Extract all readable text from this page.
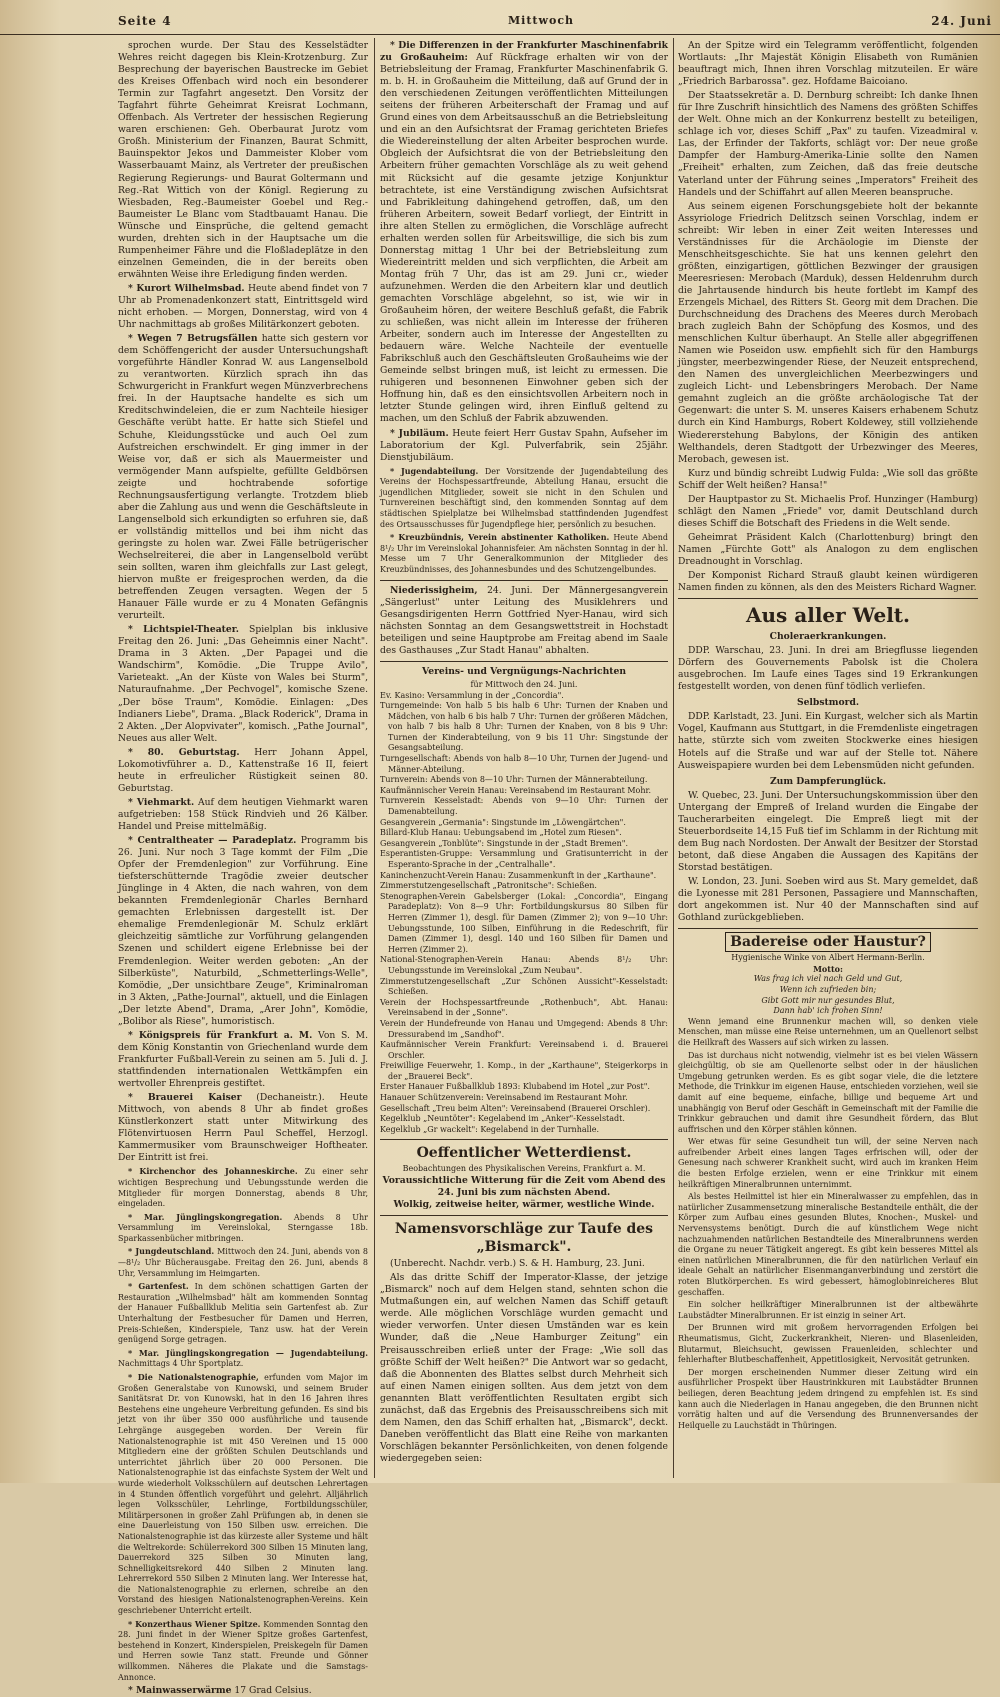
Seite 4	Mittwoch	24. Juni

sprochen wurde. Der Stau des Kesselstädter Wehres reicht dagegen bis Klein-Krotzenburg. Zur Besprechung der bayerischen Baustrecke im Gebiet des Kreises Offenbach wird noch ein besonderer Termin zur Tagfahrt angesetzt. Den Vorsitz der Tagfahrt führte Geheimrat Kreisrat Lochmann, Offenbach. Als Vertreter der hessischen Regierung waren erschienen: Geh. Oberbaurat Jurotz vom Großh. Ministerium der Finanzen, Baurat Schmitt, Bauinspektor Jekos und Dammeister Klober vom Wasserbauamt Mainz, als Vertreter der preußischen Regierung Regierungs- und Baurat Goltermann und Reg.-Rat Wittich von der Königl. Regierung zu Wiesbaden, Reg.-Baumeister Goebel und Reg.-Baumeister Le Blanc vom Stadtbauamt Hanau. Die Wünsche und Einsprüche, die geltend gemacht wurden, drehten sich in der Hauptsache um die Rumpenheimer Fähre und die Floßladeplätze in den einzelnen Gemeinden, die in der bereits oben erwähnten Weise ihre Erledigung finden werden.

* Kurort Wilhelmsbad. Heute abend findet von 7 Uhr ab Promenadenkonzert statt, Eintrittsgeld wird nicht erhoben. — Morgen, Donnerstag, wird von 4 Uhr nachmittags ab großes Militärkonzert geboten.

* Wegen 7 Betrugsfällen hatte sich gestern vor dem Schöffengericht der ausder Untersuchungshaft vorgeführte Händler Konrad W. aus Langenselbold zu verantworten. Kürzlich sprach ihn das Schwurgericht in Frankfurt wegen Münzverbrechens frei. In der Hauptsache handelte es sich um Kreditschwindeleien, die er zum Nachteile hiesiger Geschäfte verübt hatte. Er hatte sich Stiefel und Schuhe, Kleidungsstücke und auch Oel zum Aufstreichen erschwindelt. Er ging immer in der Weise vor, daß er sich als Mauermeister und vermögender Mann aufspielte, gefüllte Geldbörsen zeigte und hochtrabende sofortige Rechnungsausfertigung verlangte. Trotzdem blieb aber die Zahlung aus und wenn die Geschäftsleute in Langenselbold sich erkundigten so erfuhren sie, daß er vollständig mittellos und bei ihm nicht das geringste zu holen war. Zwei Fälle betrügerischer Wechselreiterei, die aber in Langenselbold verübt sein sollten, waren ihm gleichfalls zur Last gelegt, hiervon mußte er freigesprochen werden, da die betreffenden Zeugen versagten. Wegen der 5 Hanauer Fälle wurde er zu 4 Monaten Gefängnis verurteilt.

* Lichtspiel-Theater. Spielplan bis inklusive Freitag den 26. Juni: „Das Geheimnis einer Nacht". Drama in 3 Akten. „Der Papagei und die Wandschirm", Komödie. „Die Truppe Avilo", Varieteakt. „An der Küste von Wales bei Sturm", Naturaufnahme. „Der Pechvogel", komische Szene. „Der böse Traum", Komödie. Einlagen: „Des Indianers Liebe", Drama. „Black Roderick", Drama in 2 Akten. „Der Alopvivater", komisch. „Pathe Journal", Neues aus aller Welt.

* 80. Geburtstag. Herr Johann Appel, Lokomotivführer a. D., Kattenstraße 16 II, feiert heute in erfreulicher Rüstigkeit seinen 80. Geburtstag.

* Viehmarkt. Auf dem heutigen Viehmarkt waren aufgetrieben: 158 Stück Rindvieh und 26 Kälber. Handel und Preise mittelmäßig.

* Centraltheater — Paradeplatz. Programm bis 26. Juni. Nur noch 3 Tage kommt der Film „Die Opfer der Fremdenlegion" zur Vorführung. Eine tiefsterschütternde Tragödie zweier deutscher Jünglinge in 4 Akten, die nach wahren, von dem bekannten Fremdenlegionär Charles Bernhard gemachten Erlebnissen dargestellt ist. Der ehemalige Fremdenlegionär M. Schulz erklärt gleichzeitig sämtliche zur Vorführung gelangenden Szenen und schildert eigene Erlebnisse bei der Fremdenlegion. Weiter werden geboten: „An der Silberküste", Naturbild, „Schmetterlings-Welle", Komödie, „Der unsichtbare Zeuge", Kriminalroman in 3 Akten, „Pathe-Journal", aktuell, und die Einlagen „Der letzte Abend", Drama, „Arer John", Komödie, „Bolibor als Riese", humoristisch.

* Königspreis für Frankfurt a. M. Von S. M. dem König Konstantin von Griechenland wurde dem Frankfurter Fußball-Verein zu seinen am 5. Juli d. J. stattfindenden internationalen Wettkämpfen ein wertvoller Ehrenpreis gestiftet.

* Brauerei Kaiser (Dechaneistr.). Heute Mittwoch, von abends 8 Uhr ab findet großes Künstlerkonzert statt unter Mitwirkung des Flötenvirtuosen Herrn Paul Scheffel, Herzogl. Kammermusiker vom Braunschweiger Hoftheater. Der Eintritt ist frei.

* Kirchenchor des Johanneskirche. Zu einer sehr wichtigen Besprechung und Uebungsstunde werden die Mitglieder für morgen Donnerstag, abends 8 Uhr, eingeladen.

* Mar. Jünglingskongregation. Abends 8 Uhr Versammlung im Vereinslokal, Sterngasse 18b. Sparkassenbücher mitbringen.

* Jungdeutschland. Mittwoch den 24. Juni, abends von 8—8¹/₂ Uhr Bücherausgabe. Freitag den 26. Juni, abends 8 Uhr, Versammlung im Heimgarten.

* Gartenfest. In dem schönen schattigen Garten der Restauration „Wilhelmsbad" hält am kommenden Sonntag der Hanauer Fußballklub Melitia sein Gartenfest ab. Zur Unterhaltung der Festbesucher für Damen und Herren, Preis-Schießen, Kinderspiele, Tanz usw. hat der Verein genügend Sorge getragen.

* Mar. Jünglingskongregation — Jugendabteilung. Nachmittags 4 Uhr Sportplatz.

* Die Nationalstenographie, erfunden vom Major im Großen Generalstabe von Kunowski, und seinem Bruder Sanitätsrat Dr. von Kunowski, hat in den 16 Jahren ihres Bestehens eine ungeheure Verbreitung gefunden. Es sind bis jetzt von ihr über 350 000 ausführliche und tausende Lehrgänge ausgegeben worden. Der Verein für Nationalstenographie ist mit 450 Vereinen und 15 000 Mitgliedern eine der größten Schulen Deutschlands und unterrichtet jährlich über 20 000 Personen. Die Nationalstenographie ist das einfachste System der Welt und wurde wiederholt Volksschülern auf deutschen Lehrertagen in 4 Stunden öffentlich vorgeführt und gelehrt. Alljährlich legen Volksschüler, Lehrlinge, Fortbildungsschüler, Militärpersonen in großer Zahl Prüfungen ab, in denen sie eine Dauerleistung von 150 Silben usw. erreichen. Die Nationalstenographie ist das kürzeste aller Systeme und hält die Weltrekorde: Schülerrekord 300 Silben 15 Minuten lang, Dauerrekord 325 Silben 30 Minuten lang, Schnelligkeitsrekord 440 Silben 2 Minuten lang. Lehrerrekord 550 Silben 2 Minuten lang. Wer Interesse hat, die Nationalstenographie zu erlernen, schreibe an den Vorstand des hiesigen Nationalstenographen-Vereins. Kein geschriebener Unterricht erteilt.

* Konzerthaus Wiener Spitze. Kommenden Sonntag den 28. Juni findet in der Wiener Spitze großes Gartenfest, bestehend in Konzert, Kinderspielen, Preiskegeln für Damen und Herren sowie Tanz statt. Freunde und Gönner willkommen. Näheres die Plakate und die Samstags-Annonce.

* Mainwasserwärme 17 Grad Celsius.

* Die Differenzen in der Frankfurter Maschinenfabrik zu Großauheim: Auf Rückfrage erhalten wir von der Betriebsleitung der Framag, Frankfurter Maschinenfabrik G. m. b. H. in Großauheim die Mitteilung, daß auf Grund der in den verschiedenen Zeitungen veröffentlichten Mitteilungen seitens der früheren Arbeiterschaft der Framag und auf Grund eines von dem Arbeitsausschuß an die Betriebsleitung und ein an den Aufsichtsrat der Framag gerichteten Briefes die Wiedereinstellung der alten Arbeiter besprochen wurde. Obgleich der Aufsichtsrat die von der Betriebsleitung den Arbeitern früher gemachten Vorschläge als zu weit gehend mit Rücksicht auf die gesamte jetzige Konjunktur betrachtete, ist eine Verständigung zwischen Aufsichtsrat und Fabrikleitung dahingehend getroffen, daß, um den früheren Arbeitern, soweit Bedarf vorliegt, der Eintritt in ihre alten Stellen zu ermöglichen, die Vorschläge aufrecht erhalten werden sollen für Arbeitswillige, die sich bis zum Donnerstag mittag 1 Uhr bei der Betriebsleitung zum Wiedereintritt melden und sich verpflichten, die Arbeit am Montag früh 7 Uhr, das ist am 29. Juni cr., wieder aufzunehmen. Werden die den Arbeitern klar und deutlich gemachten Vorschläge abgelehnt, so ist, wie wir in Großauheim hören, der weitere Beschluß gefaßt, die Fabrik zu schließen, was nicht allein im Interesse der früheren Arbeiter, sondern auch im Interesse der Angestellten zu bedauern wäre. Welche Nachteile der eventuelle Fabrikschluß auch den Geschäftsleuten Großauheims wie der Gemeinde selbst bringen muß, ist leicht zu ermessen. Die ruhigeren und besonnenen Einwohner geben sich der Hoffnung hin, daß es den einsichtsvollen Arbeitern noch in letzter Stunde gelingen wird, ihren Einfluß geltend zu machen, um den Schluß der Fabrik abzuwenden.

* Jubiläum. Heute feiert Herr Gustav Spahn, Aufseher im Laboratorium der Kgl. Pulverfabrik, sein 25jähr. Dienstjubiläum.

* Jugendabteilung. Der Vorsitzende der Jugendabteilung des Vereins der Hochspessartfreunde, Abteilung Hanau, ersucht die jugendlichen Mitglieder, soweit sie nicht in den Schulen und Turnvereinen beschäftigt sind, den kommenden Sonntag auf dem städtischen Spielplatze bei Wilhelmsbad stattfindenden Jugendfest des Ortsausschusses für Jugendpflege hier, persönlich zu besuchen.

* Kreuzbündnis, Verein abstinenter Katholiken. Heute Abend 8¹/₂ Uhr im Vereinslokal Johannisfeier. Am nächsten Sonntag in der hl. Messe um 7 Uhr Generalkommunion der Mitglieder des Kreuzbündnisses, des Johannesbundes und des Schutzengelbundes.

Niederissigheim, 24. Juni. Der Männergesangverein „Sängerlust" unter Leitung des Musiklehrers und Gesangsdirigenten Herrn Gottfried Nyer-Hanau, wird sich nächsten Sonntag an dem Gesangswettstreit in Hochstadt beteiligen und seine Hauptprobe am Freitag abend im Saale des Gasthauses „Zur Stadt Hanau" abhalten.

Vereins- und Vergnügungs-Nachrichten
für Mittwoch den 24. Juni.

Ev. Kasino: Versammlung in der „Concordia".

Turngemeinde: Von halb 5 bis halb 6 Uhr: Turnen der Knaben und Mädchen, von halb 6 bis halb 7 Uhr: Turnen der größeren Mädchen, von halb 7 bis halb 8 Uhr: Turnen der Knaben, von 8 bis 9 Uhr: Turnen der Kinderabteilung, von 9 bis 11 Uhr: Singstunde der Gesangsabteilung.

Turngesellschaft: Abends von halb 8—10 Uhr, Turnen der Jugend- und Männer-Abteilung.

Turnverein: Abends von 8—10 Uhr: Turnen der Männerabteilung.

Kaufmännischer Verein Hanau: Vereinsabend im Restaurant Mohr.

Turnverein Kesselstadt: Abends von 9—10 Uhr: Turnen der Damenabteilung.

Gesangverein „Germania": Singstunde im „Löwengärtchen".

Billard-Klub Hanau: Uebungsabend im „Hotel zum Riesen".

Gesangverein „Tonblüte": Singstunde in der „Stadt Bremen".

Esperantisten-Gruppe: Versammlung und Gratisunterricht in der Esperanto-Sprache in der „Centralhalle".

Kaninchenzucht-Verein Hanau: Zusammenkunft in der „Karthaune".

Zimmerstutzengesellschaft „Patronitsche": Schießen.

Stenographen-Verein Gabelsberger (Lokal: „Concordia", Eingang Paradeplatz): Von 8—9 Uhr: Fortbildungskursus 80 Silben für Herren (Zimmer 1), desgl. für Damen (Zimmer 2); von 9—10 Uhr: Uebungsstunde, 100 Silben, Einführung in die Redeschrift, für Damen (Zimmer 1), desgl. 140 und 160 Silben für Damen und Herren (Zimmer 2).

National-Stenographen-Verein Hanau: Abends 8¹/₂ Uhr: Uebungsstunde im Vereinslokal „Zum Neubau".

Zimmerstutzengesellschaft „Zur Schönen Aussicht"-Kesselstadt: Schießen.

Verein der Hochspessartfreunde „Rothenbuch", Abt. Hanau: Vereinsabend in der „Sonne".

Verein der Hundefreunde von Hanau und Umgegend: Abends 8 Uhr: Dressurabend im „Sandhof".

Kaufmännischer Verein Frankfurt: Vereinsabend i. d. Brauerei Orschler.

Freiwillige Feuerwehr, 1. Komp., in der „Karthaune", Steigerkorps in der „Brauerei Beck".

Erster Hanauer Fußballklub 1893: Klubabend im Hotel „zur Post".

Hanauer Schützenverein: Vereinsabend im Restaurant Mohr.

Gesellschaft „Treu beim Alten": Vereinsabend (Brauerei Orschler).

Kegelklub „Neuntöter": Kegelabend im „Anker"-Kesselstadt.

Kegelklub „Gr wackelt": Kegelabend in der Turnhalle.

Oeffentlicher Wetterdienst.
Beobachtungen des Physikalischen Vereins, Frankfurt a. M.
Voraussichtliche Witterung für die Zeit vom Abend des 24. Juni bis zum nächsten Abend.
Wolkig, zeitweise heiter, wärmer, westliche Winde.
Namensvorschläge zur Taufe des „Bismarck".

(Unberecht. Nachdr. verb.) S. & H. Hamburg, 23. Juni.

Als das dritte Schiff der Imperator-Klasse, der jetzige „Bismarck" noch auf dem Helgen stand, sehnten schon die Mutmaßungen ein, auf welchen Namen das Schiff getauft werde. Alle möglichen Vorschläge wurden gemacht und wieder verworfen. Unter diesen Umständen war es kein Wunder, daß die „Neue Hamburger Zeitung" ein Preisausschreiben erließ unter der Frage: „Wie soll das größte Schiff der Welt heißen?" Die Antwort war so gedacht, daß die Abonnenten des Blattes selbst durch Mehrheit sich auf einen Namen einigen sollten. Aus dem jetzt von dem genannten Blatt veröffentlichten Resultaten ergibt sich zunächst, daß das Ergebnis des Preisausschreibens sich mit dem Namen, den das Schiff erhalten hat, „Bismarck", deckt. Daneben veröffentlicht das Blatt eine Reihe von markanten Vorschlägen bekannter Persönlichkeiten, von denen folgende wiedergegeben seien:

An der Spitze wird ein Telegramm veröffentlicht, folgenden Wortlauts: „Ihr Majestät Königin Elisabeth von Rumänien beauftragt mich, Ihnen ihren Vorschlag mitzuteilen. Er wäre „Friedrich Barbarossa". gez. Hofdame Baicoiano.

Der Staatssekretär a. D. Dernburg schreibt: Ich danke Ihnen für Ihre Zuschrift hinsichtlich des Namens des größten Schiffes der Welt. Ohne mich an der Konkurrenz bestellt zu beteiligen, schlage ich vor, dieses Schiff „Pax" zu taufen. Vizeadmiral v. Las, der Erfinder der Takforts, schlägt vor: Der neue große Dampfer der Hamburg-Amerika-Linie sollte den Namen „Freiheit" erhalten, zum Zeichen, daß das freie deutsche Vaterland unter der Führung seines „Imperators" Freiheit des Handels und der Schiffahrt auf allen Meeren beanspruche.

Aus seinem eigenen Forschungsgebiete holt der bekannte Assyriologe Friedrich Delitzsch seinen Vorschlag, indem er schreibt: Wir leben in einer Zeit weiten Interesses und Verständnisses für die Archäologie im Dienste der Menschheitsgeschichte. Sie hat uns kennen gelehrt den größten, einzigartigen, göttlichen Bezwinger der grausigen Meeresriesen: Merobach (Marduk), dessen Heldenruhm durch die Jahrtausende hindurch bis heute fortlebt im Kampf des Erzengels Michael, des Ritters St. Georg mit dem Drachen. Die Durchschneidung des Drachens des Meeres durch Merobach brach zugleich Bahn der Schöpfung des Kosmos, und des menschlichen Kultur überhaupt. An Stelle aller abgegriffenen Namen wie Poseidon usw. empfiehlt sich für den Hamburgs jüngster, meerbezwingender Riese, der Neuzeit entsprechend, den Namen des unvergleichlichen Meerbezwingers und zugleich Licht- und Lebensbringers Merobach. Der Name gemahnt zugleich an die größte archäologische Tat der Gegenwart: die unter S. M. unseres Kaisers erhabenem Schutz durch ein Kind Hamburgs, Robert Koldewey, still vollziehende Wiedererstehung Babylons, der Königin des antiken Welthandels, deren Stadtgott der Urbezwinger des Meeres, Merobach, gewesen ist.

Kurz und bündig schreibt Ludwig Fulda: „Wie soll das größte Schiff der Welt heißen? Hansa!"

Der Hauptpastor zu St. Michaelis Prof. Hunzinger (Hamburg) schlägt den Namen „Friede" vor, damit Deutschland durch dieses Schiff die Botschaft des Friedens in die Welt sende.

Geheimrat Präsident Kalch (Charlottenburg) bringt den Namen „Fürchte Gott" als Analogon zu dem englischen Dreadnought in Vorschlag.

Der Komponist Richard Strauß glaubt keinen würdigeren Namen finden zu können, als den des Meisters Richard Wagner.

Aus aller Welt.
Choleraerkrankungen.

DDP. Warschau, 23. Juni. In drei am Briegflusse liegenden Dörfern des Gouvernements Pabolsk ist die Cholera ausgebrochen. Im Laufe eines Tages sind 19 Erkrankungen festgestellt worden, von denen fünf tödlich verliefen.

Selbstmord.

DDP. Karlstadt, 23. Juni. Ein Kurgast, welcher sich als Martin Vogel, Kaufmann aus Stuttgart, in die Fremdenliste eingetragen hatte, stürzte sich vom zweiten Stockwerke eines hiesigen Hotels auf die Straße und war auf der Stelle tot. Nähere Ausweispapiere wurden bei dem Lebensmüden nicht gefunden.

Zum Dampferunglück.

W. Quebec, 23. Juni. Der Untersuchungskommission über den Untergang der Empreß of Ireland wurden die Eingabe der Taucherarbeiten eingelegt. Die Empreß liegt mit der Steuerbordseite 14,15 Fuß tief im Schlamm in der Richtung mit dem Bug nach Nordosten. Der Anwalt der Besitzer der Storstad betont, daß diese Angaben die Aussagen des Kapitäns der Storstad bestätigen.

W. London, 23. Juni. Soeben wird aus St. Mary gemeldet, daß die Lyonesse mit 281 Personen, Passagiere und Mannschaften, dort angekommen ist. Nur 40 der Mannschaften sind auf Gothland zurückgeblieben.

Badereise oder Haustur?
Hygienische Winke von Albert Hermann-Berlin.
Motto:

Was frag ich viel nach Geld und Gut,

Wenn ich zufrieden bin;

Gibt Gott mir nur gesundes Blut,

Dann hab' ich frohen Sinn!

Wenn jemand eine Brunnenkur machen will, so denken viele Menschen, man müsse eine Reise unternehmen, um an Quellenort selbst die Heilkraft des Wassers auf sich wirken zu lassen.

Das ist durchaus nicht notwendig, vielmehr ist es bei vielen Wässern gleichgültig, ob sie am Quellenorte selbst oder in der häuslichen Umgebung getrunken werden. Es es gibt sogar viele, die die letztere Methode, die Trinkkur im eigenen Hause, entschieden vorziehen, weil sie damit auf eine bequeme, einfache, billige und bequeme Art und unabhängig von Beruf oder Geschäft in Gemeinschaft mit der Familie die Trinkkur gebrauchen und damit ihre Gesundheit fördern, das Blut auffrischen und den Körper stählen können.

Wer etwas für seine Gesundheit tun will, der seine Nerven nach aufreibender Arbeit eines langen Tages erfrischen will, oder der Genesung nach schwerer Krankheit sucht, wird auch im kranken Heim die besten Erfolge erzielen, wenn er eine Trinkkur mit einem heilkräftigen Mineralbrunnen unternimmt.

Als bestes Heilmittel ist hier ein Mineralwasser zu empfehlen, das in natürlicher Zusammensetzung mineralische Bestandteile enthält, die der Körper zum Aufbau eines gesunden Blutes, Knochen-, Muskel- und Nervensystems benötigt. Durch die auf künstlichem Wege nicht nachzuahmenden natürlichen Bestandteile des Mineralbrunnens werden die Organe zu neuer Tätigkeit angeregt. Es gibt kein besseres Mittel als einen natürlichen Mineralbrunnen, die für den natürlichen Verlauf ein ideale Gehalt an natürlicher Eisenmanganverbindung und zerstört die roten Blutkörperchen. Es wird gebessert, hämoglobinreicheres Blut geschaffen.

Ein solcher heilkräftiger Mineralbrunnen ist der altbewährte Laubstädter Mineralbrunnen. Er ist einzig in seiner Art.

Der Brunnen wird mit großem hervorragenden Erfolgen bei Rheumatismus, Gicht, Zuckerkrankheit, Nieren- und Blasenleiden, Blutarmut, Bleichsucht, gewissen Frauenleiden, schlechter und fehlerhafter Blutbeschaffenheit, Appetitlosigkeit, Nervosität getrunken.

Der morgen erscheinenden Nummer dieser Zeitung wird ein ausführlicher Prospekt über Haustrinkkuren mit Laubstädter Brunnen beiliegen, deren Beachtung jedem dringend zu empfehlen ist. Es sind kann auch die Niederlagen in Hanau angegeben, die den Brunnen nicht vorrätig halten und auf die Versendung des Brunnenversandes der Heilquelle zu Lauchstädt in Thüringen.
